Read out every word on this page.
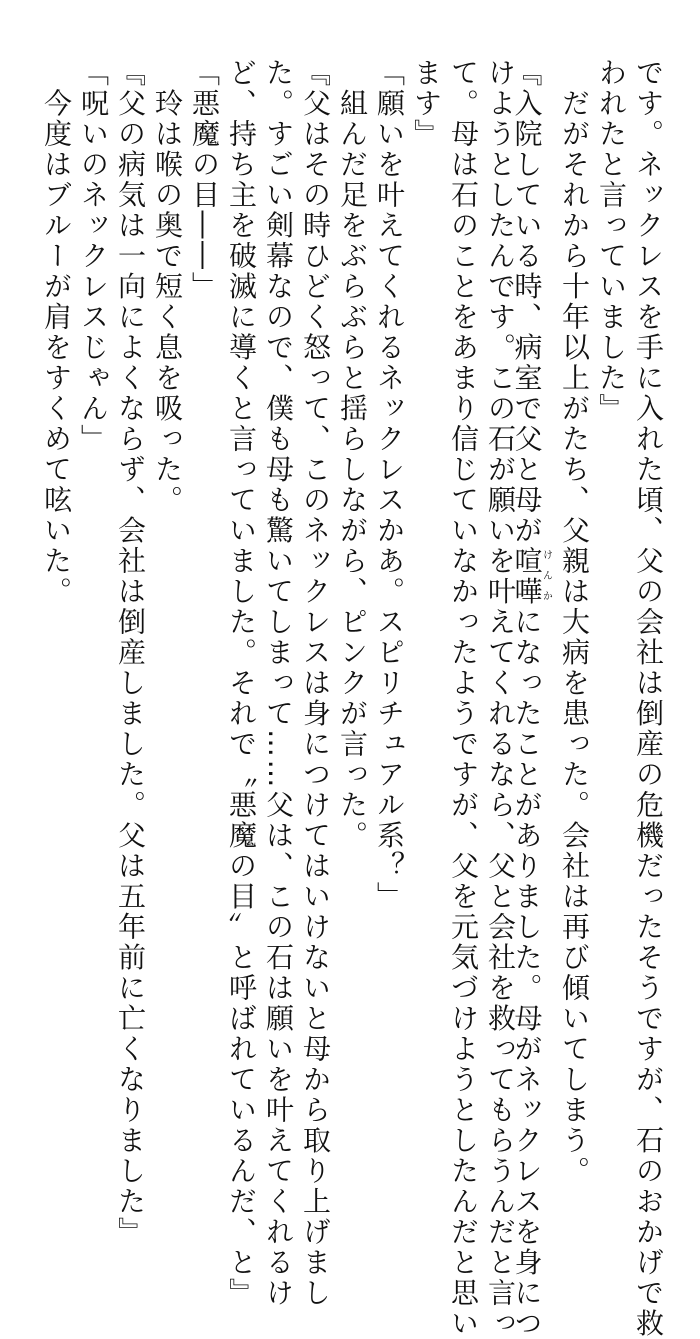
です。ネックレスを手に入れた頃、父の会社は倒産の危機だったそうですが、石のおかげで救
われたと言っていました』
　だがそれから十年以上がたち、父親は大病を患った。会社は再び傾いてしまう。
『入院している時、病室で父と母が喧嘩けんかになったことがありました。母がネックレスを身につ
けようとしたんです。この石が願いを叶えてくれるなら、父と会社を救ってもらうんだと言っ
て。母は石のことをあまり信じていなかったようですが、父を元気づけようとしたんだと思い
ます』
「願いを叶えてくれるネックレスかあ。スピリチュアル系？」
　組んだ足をぶらぶらと揺らしながら、ピンクが言った。
『父はその時ひどく怒って、このネックレスは身につけてはいけないと母から取り上げまし
た。すごい剣幕なので、僕も母も驚いてしまって……父は、この石は願いを叶えてくれるけ
ど、持ち主を破滅に導くと言っていました。それで〝悪魔の目〟と呼ばれているんだ、と』
「悪魔の目――」
　玲は喉の奥で短く息を吸った。
『父の病気は一向によくならず、会社は倒産しました。父は五年前に亡くなりました』
「呪いのネックレスじゃん」
　今度はブルーが肩をすくめて呟いた。
